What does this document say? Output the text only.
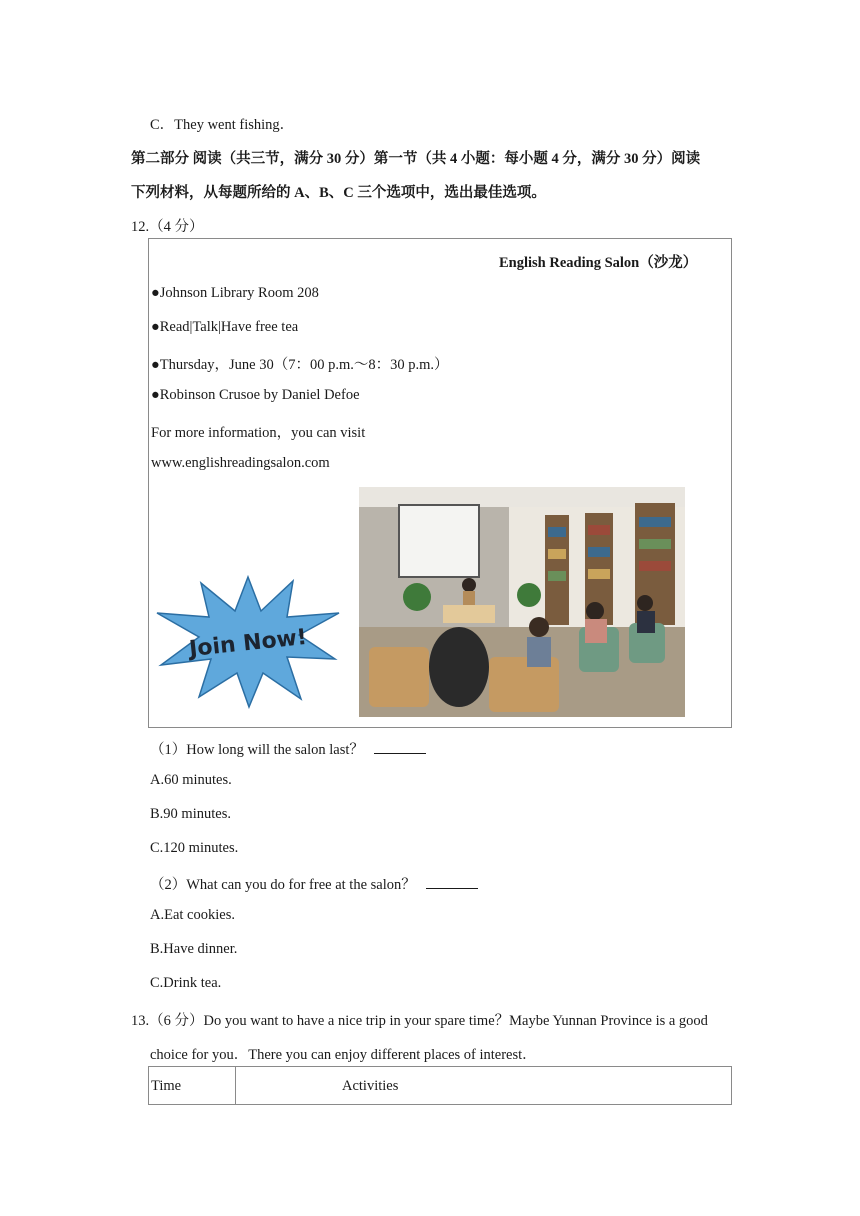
C．They went fishing．
第二部分 阅读（共三节，满分 30 分）第一节（共 4 小题：每小题 4 分，满分 30 分）阅读
下列材料，从每题所给的 A、B、C 三个选项中，选出最佳选项。
12.（4 分）
English Reading Salon（沙龙）
●Johnson Library Room 208
●Read|Talk|Have free tea
●Thursday，June 30（7：00 p.m.～8：30 p.m.）
●Robinson Crusoe by Daniel Defoe
For more information，you can visit
www.englishreadingsalon.com
Join Now!
（1）How long will the salon last？
A.60 minutes.
B.90 minutes.
C.120 minutes.
（2）What can you do for free at the salon？
A.Eat cookies.
B.Have dinner.
C.Drink tea.
13.（6 分）Do you want to have a nice trip in your spare time？Maybe Yunnan Province is a good
choice for you．There you can enjoy different places of interest．
Time	Activities
